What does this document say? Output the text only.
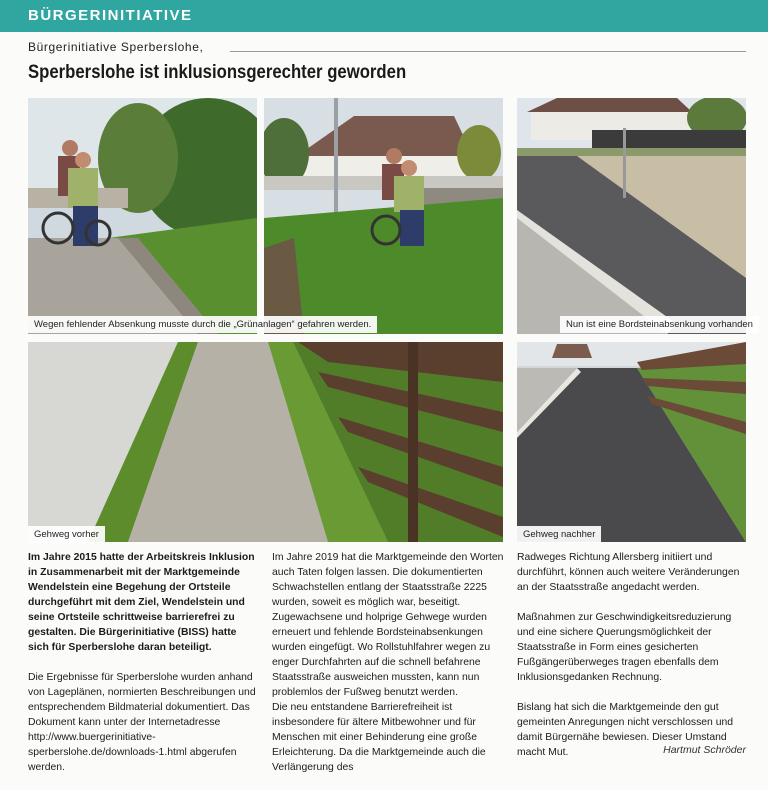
BÜRGERINITIATIVE
Bürgerinitiative Sperberslohe,
Sperberslohe ist inklusionsgerechter geworden
Wegen fehlender Absenkung musste durch die „Grünanlagen“ gefahren werden.	Nun ist eine Bordsteinabsenkung vorhanden
Gehweg vorher	Gehweg nachher

Im Jahre 2015 hatte der Arbeitskreis Inklusion in Zusammenarbeit mit der Marktgemeinde Wendelstein eine Begehung der Ortsteile durchgeführt mit dem Ziel, Wendelstein und seine Ortsteile schrittweise barrierefrei zu gestalten. Die Bürgerinitiative (BISS) hatte sich für Sperberslohe daran beteiligt.

Die Ergebnisse für Sperberslohe wurden anhand von Lageplänen, normierten Beschreibungen und entsprechendem Bildmaterial dokumentiert. Das Dokument kann unter der Internetadresse http://www.buergerinitiative-sperberslohe.de/downloads-1.html abgerufen werden.

Im Jahre 2019 hat die Marktgemeinde den Worten auch Taten folgen lassen. Die dokumentierten Schwachstellen entlang der Staatsstraße 2225 wurden, soweit es möglich war, beseitigt. Zugewachsene und holprige Gehwege wurden erneuert und fehlende Bordsteinabsenkungen wurden eingefügt. Wo Rollstuhlfahrer wegen zu enger Durchfahrten auf die schnell befahrene Staatsstraße ausweichen mussten, kann nun problemlos der Fußweg benutzt werden.

Die neu entstandene Barrierefreiheit ist insbesondere für ältere Mitbewohner und für Menschen mit einer Behinderung eine große Erleichterung. Da die Marktgemeinde auch die Verlängerung des

Radweges Richtung Allersberg initiiert und durchführt, können auch weitere Veränderungen an der Staatsstraße angedacht werden.

Maßnahmen zur Geschwindigkeitsreduzierung und eine sichere Querungsmöglichkeit der Staatsstraße in Form eines gesicherten Fußgängerüberweges tragen ebenfalls dem Inklusionsgedanken Rechnung.

Bislang hat sich die Marktgemeinde den gut gemeinten Anregungen nicht verschlossen und damit Bürgernähe bewiesen. Dieser Umstand macht Mut.	Hartmut Schröder
